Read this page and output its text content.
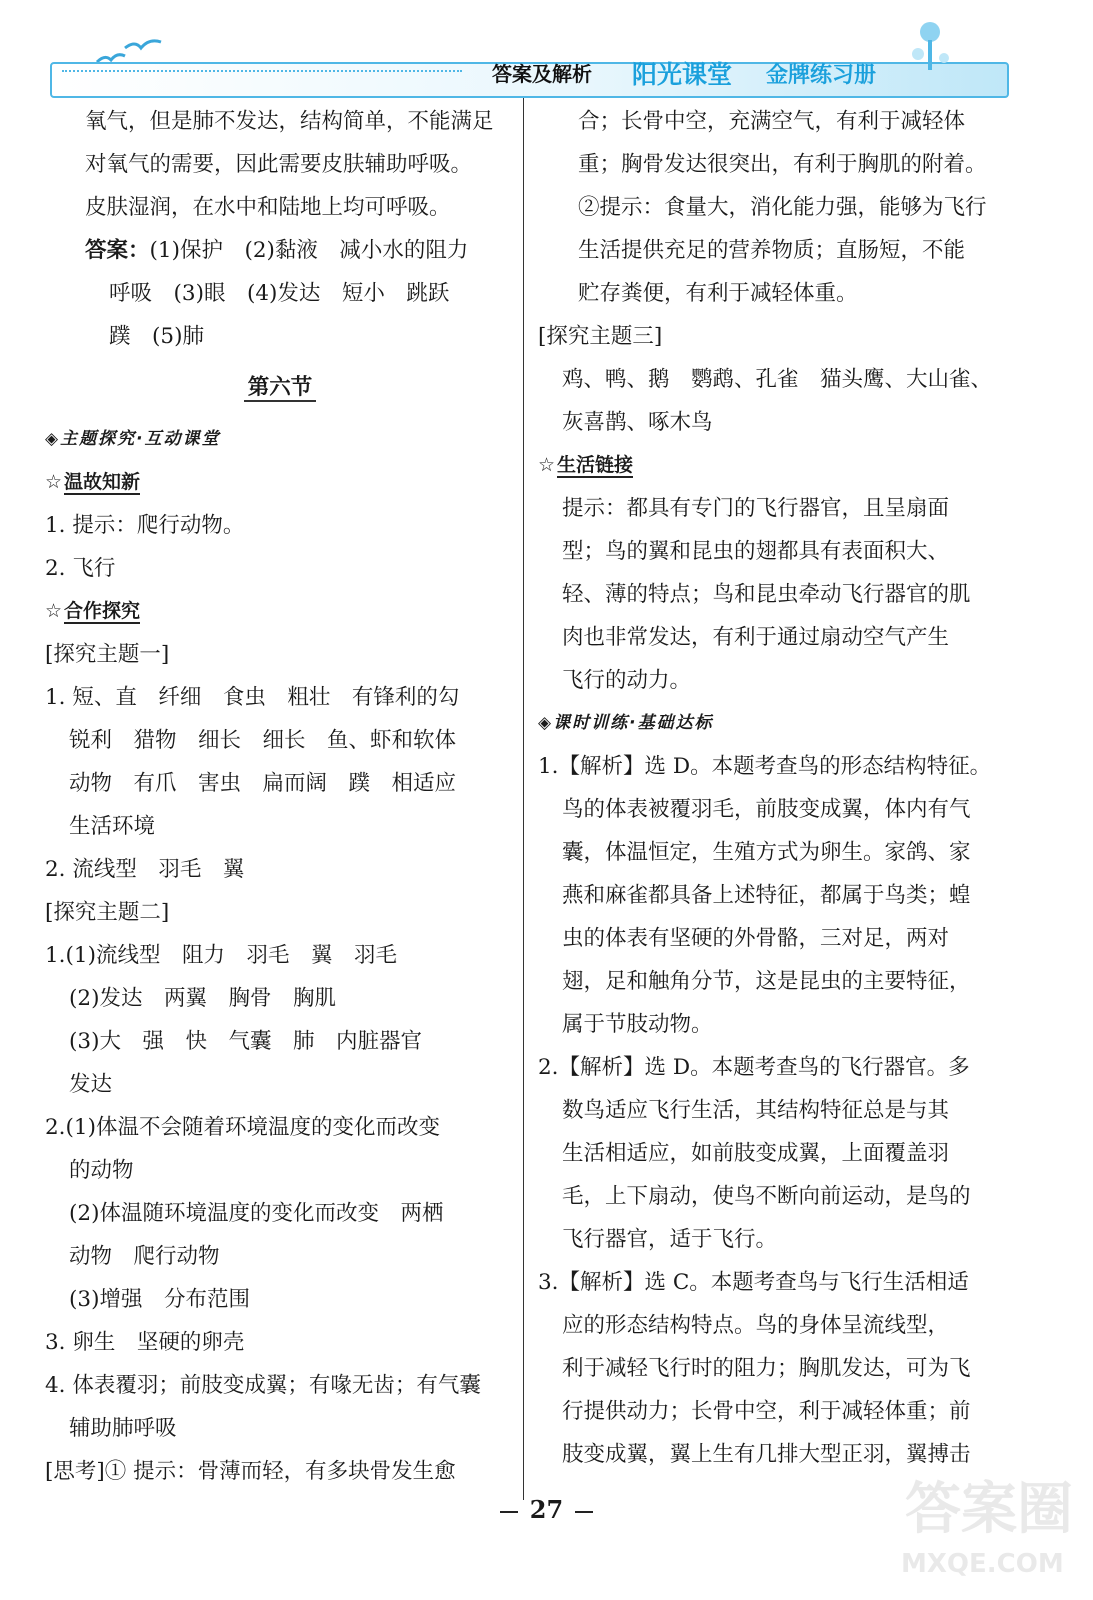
答案及解析 阳光课堂 金牌练习册
氧气，但是肺不发达，结构简单，不能满足
对氧气的需要，因此需要皮肤辅助呼吸。
皮肤湿润，在水中和陆地上均可呼吸。
答案：(1)保护　(2)黏液　减小水的阻力
呼吸　(3)眼　(4)发达　短小　跳跃
蹼　(5)肺
第六节
◈主题探究·互动课堂
☆ 温故知新
1. 提示：爬行动物。
2. 飞行
☆ 合作探究
[探究主题一]
1. 短、直　纤细　食虫　粗壮　有锋利的勾
锐利　猎物　细长　细长　鱼、虾和软体
动物　有爪　害虫　扁而阔　蹼　相适应
生活环境
2. 流线型　羽毛　翼
[探究主题二]
1.(1)流线型　阻力　羽毛　翼　羽毛
(2)发达　两翼　胸骨　胸肌
(3)大　强　快　气囊　肺　内脏器官
发达
2.(1)体温不会随着环境温度的变化而改变
的动物
(2)体温随环境温度的变化而改变　两栖
动物　爬行动物
(3)增强　分布范围
3. 卵生　坚硬的卵壳
4. 体表覆羽；前肢变成翼；有喙无齿；有气囊
辅助肺呼吸
[思考]① 提示：骨薄而轻，有多块骨发生愈
合；长骨中空，充满空气，有利于减轻体
重；胸骨发达很突出，有利于胸肌的附着。
②提示：食量大，消化能力强，能够为飞行
生活提供充足的营养物质；直肠短，不能
贮存粪便，有利于减轻体重。
[探究主题三]
鸡、鸭、鹅　鹦鹉、孔雀　猫头鹰、大山雀、
灰喜鹊、啄木鸟
☆ 生活链接
提示：都具有专门的飞行器官，且呈扇面
型；鸟的翼和昆虫的翅都具有表面积大、
轻、薄的特点；鸟和昆虫牵动飞行器官的肌
肉也非常发达，有利于通过扇动空气产生
飞行的动力。
◈课时训练·基础达标
1.【解析】选 D。本题考查鸟的形态结构特征。
鸟的体表被覆羽毛，前肢变成翼，体内有气
囊，体温恒定，生殖方式为卵生。家鸽、家
燕和麻雀都具备上述特征，都属于鸟类；蝗
虫的体表有坚硬的外骨骼，三对足，两对
翅，足和触角分节，这是昆虫的主要特征，
属于节肢动物。
2.【解析】选 D。本题考查鸟的飞行器官。多
数鸟适应飞行生活，其结构特征总是与其
生活相适应，如前肢变成翼，上面覆盖羽
毛，上下扇动，使鸟不断向前运动，是鸟的
飞行器官，适于飞行。
3.【解析】选 C。本题考查鸟与飞行生活相适
应的形态结构特点。鸟的身体呈流线型，
利于减轻飞行时的阻力；胸肌发达，可为飞
行提供动力；长骨中空，利于减轻体重；前
肢变成翼，翼上生有几排大型正羽，翼搏击
27	答案圈
MXQE.COM
